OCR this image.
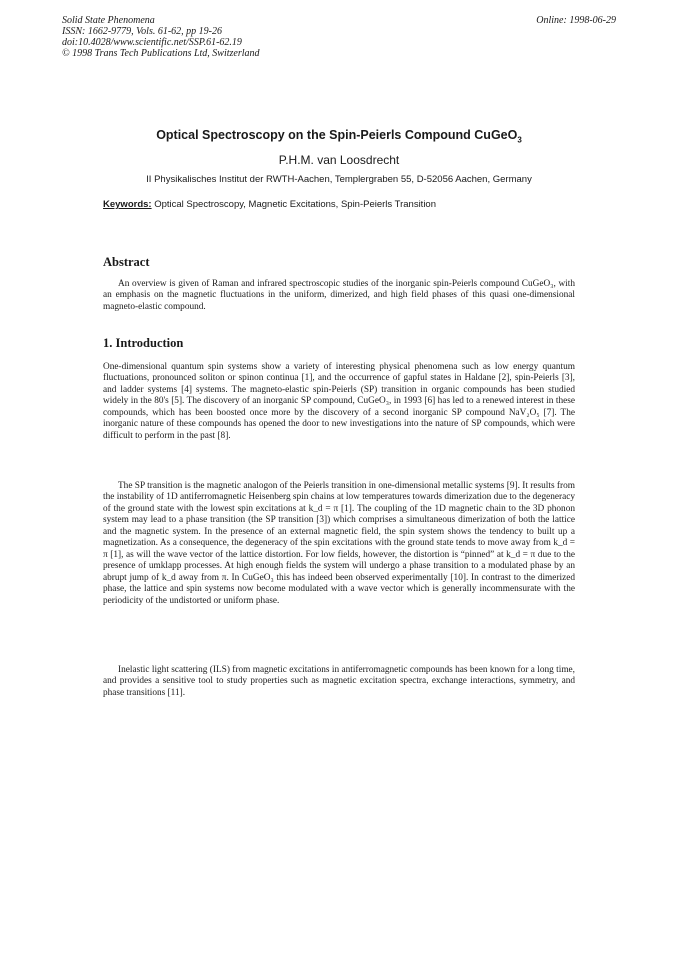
Solid State Phenomena
ISSN: 1662-9779, Vols. 61-62, pp 19-26
doi:10.4028/www.scientific.net/SSP.61-62.19
© 1998 Trans Tech Publications Ltd, Switzerland
Online: 1998-06-29
Optical Spectroscopy on the Spin-Peierls Compound CuGeO$_3$
P.H.M. van Loosdrecht
II Physikalisches Institut der RWTH-Aachen, Templergraben 55, D-52056 Aachen, Germany
Keywords: Optical Spectroscopy, Magnetic Excitations, Spin-Peierls Transition
Abstract

An overview is given of Raman and infrared spectroscopic studies of the inorganic spin-Peierls compound CuGeO₃, with an emphasis on the magnetic fluctuations in the uniform, dimerized, and high field phases of this quasi one-dimensional magneto-elastic compound.

1. Introduction

One-dimensional quantum spin systems show a variety of interesting physical phenomena such as low energy quantum fluctuations, pronounced soliton or spinon continua [1], and the occurrence of gapful states in Haldane [2], spin-Peierls [3], and ladder systems [4] systems. The magneto-elastic spin-Peierls (SP) transition in organic compounds has been studied widely in the 80's [5]. The discovery of an inorganic SP compound, CuGeO₃, in 1993 [6] has led to a renewed interest in these compounds, which has been boosted once more by the discovery of a second inorganic SP compound NaV₂O₅ [7]. The inorganic nature of these compounds has opened the door to new investigations into the nature of SP compounds, which were difficult to perform in the past [8].

The SP transition is the magnetic analogon of the Peierls transition in one-dimensional metallic systems [9]. It results from the instability of 1D antiferromagnetic Heisenberg spin chains at low temperatures towards dimerization due to the degeneracy of the ground state with the lowest spin excitations at k_d = π [1]. The coupling of the 1D magnetic chain to the 3D phonon system may lead to a phase transition (the SP transition [3]) which comprises a simultaneous dimerization of both the lattice and the magnetic system. In the presence of an external magnetic field, the spin system shows the tendency to built up a magnetization. As a consequence, the degeneracy of the spin excitations with the ground state tends to move away from k_d = π [1], as will the wave vector of the lattice distortion. For low fields, however, the distortion is “pinned” at k_d = π due to the presence of umklapp processes. At high enough fields the system will undergo a phase transition to a modulated phase by an abrupt jump of k_d away from π. In CuGeO₃ this has indeed been observed experimentally [10]. In contrast to the dimerized phase, the lattice and spin systems now become modulated with a wave vector which is generally incommensurate with the periodicity of the undistorted or uniform phase.

Inelastic light scattering (ILS) from magnetic excitations in antiferromagnetic compounds has been known for a long time, and provides a sensitive tool to study properties such as magnetic excitation spectra, exchange interactions, symmetry, and phase transitions [11].
